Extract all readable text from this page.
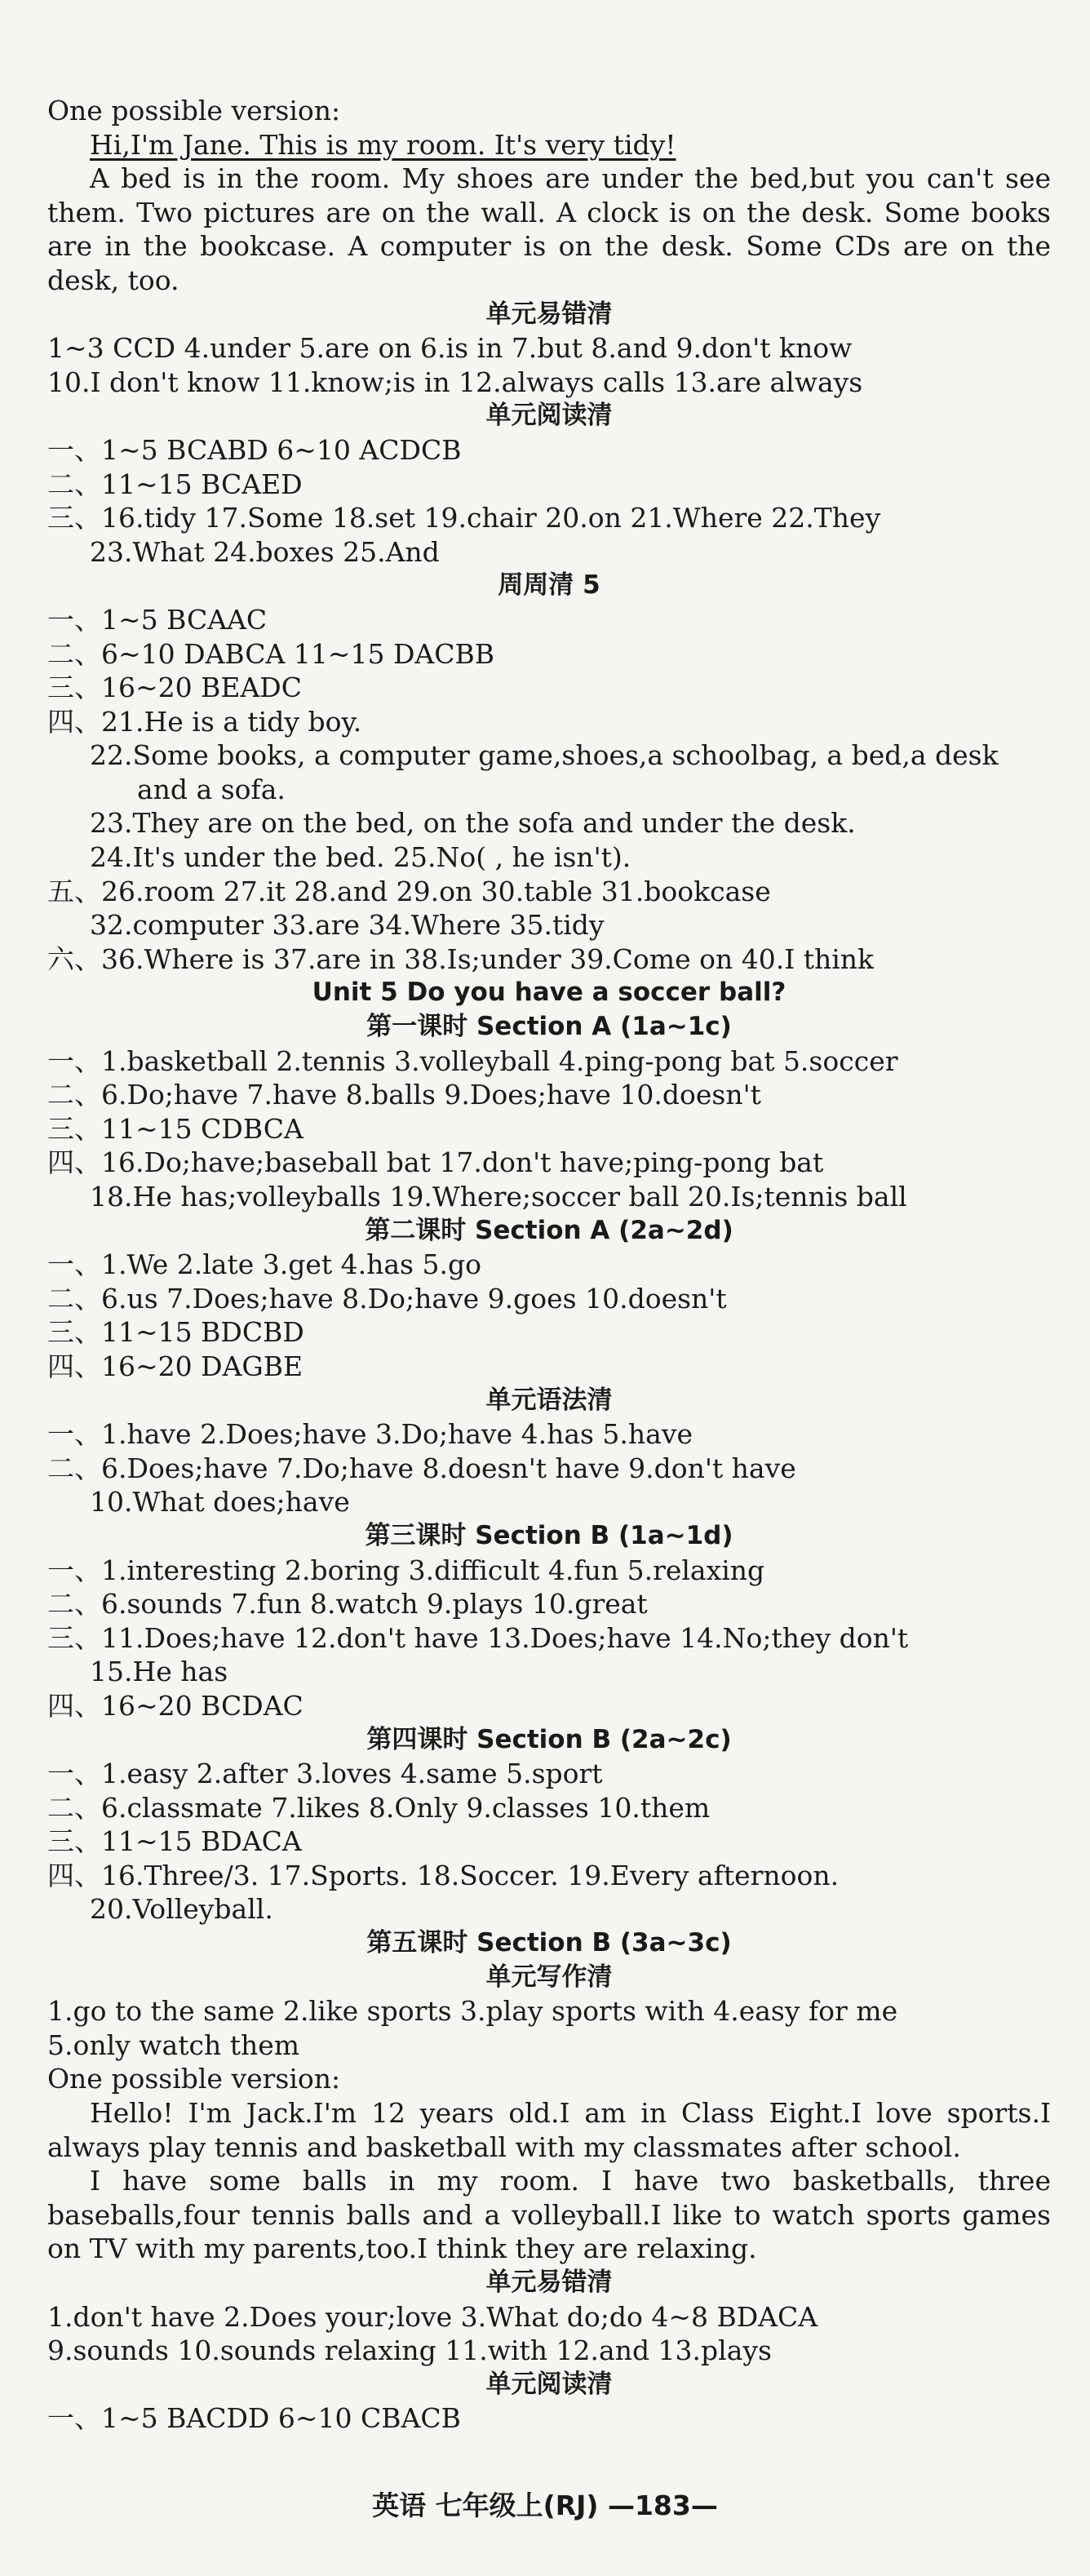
One possible version:
Hi,I'm Jane. This is my room. It's very tidy!
A bed is in the room. My shoes are under the bed,but you can't see
them. Two pictures are on the wall. A clock is on the desk. Some books
are in the bookcase. A computer is on the desk. Some CDs are on the
desk, too.
单元易错清
1~3 CCD 4.under 5.are on 6.is in 7.but 8.and 9.don't know
10.I don't know 11.know;is in 12.always calls 13.are always
单元阅读清
一、1~5 BCABD 6~10 ACDCB
二、11~15 BCAED
三、16.tidy 17.Some 18.set 19.chair 20.on 21.Where 22.They
23.What 24.boxes 25.And
周周清 5
一、1~5 BCAAC
二、6~10 DABCA 11~15 DACBB
三、16~20 BEADC
四、21.He is a tidy boy.
22.Some books, a computer game,shoes,a schoolbag, a bed,a desk
and a sofa.
23.They are on the bed, on the sofa and under the desk.
24.It's under the bed. 25.No( , he isn't).
五、26.room 27.it 28.and 29.on 30.table 31.bookcase
32.computer 33.are 34.Where 35.tidy
六、36.Where is 37.are in 38.Is;under 39.Come on 40.I think
Unit 5 Do you have a soccer ball?
第一课时 Section A (1a~1c)
一、1.basketball 2.tennis 3.volleyball 4.ping-pong bat 5.soccer
二、6.Do;have 7.have 8.balls 9.Does;have 10.doesn't
三、11~15 CDBCA
四、16.Do;have;baseball bat 17.don't have;ping-pong bat
18.He has;volleyballs 19.Where;soccer ball 20.Is;tennis ball
第二课时 Section A (2a~2d)
一、1.We 2.late 3.get 4.has 5.go
二、6.us 7.Does;have 8.Do;have 9.goes 10.doesn't
三、11~15 BDCBD
四、16~20 DAGBE
单元语法清
一、1.have 2.Does;have 3.Do;have 4.has 5.have
二、6.Does;have 7.Do;have 8.doesn't have 9.don't have
10.What does;have
第三课时 Section B (1a~1d)
一、1.interesting 2.boring 3.difficult 4.fun 5.relaxing
二、6.sounds 7.fun 8.watch 9.plays 10.great
三、11.Does;have 12.don't have 13.Does;have 14.No;they don't
15.He has
四、16~20 BCDAC
第四课时 Section B (2a~2c)
一、1.easy 2.after 3.loves 4.same 5.sport
二、6.classmate 7.likes 8.Only 9.classes 10.them
三、11~15 BDACA
四、16.Three/3. 17.Sports. 18.Soccer. 19.Every afternoon.
20.Volleyball.
第五课时 Section B (3a~3c)
单元写作清
1.go to the same 2.like sports 3.play sports with 4.easy for me
5.only watch them
One possible version:
Hello! I'm Jack.I'm 12 years old.I am in Class Eight.I love sports.I
always play tennis and basketball with my classmates after school.
I have some balls in my room. I have two basketballs, three
baseballs,four tennis balls and a volleyball.I like to watch sports games
on TV with my parents,too.I think they are relaxing.
单元易错清
1.don't have 2.Does your;love 3.What do;do 4~8 BDACA
9.sounds 10.sounds relaxing 11.with 12.and 13.plays
单元阅读清
一、1~5 BACDD 6~10 CBACB
英语 七年级上(RJ) —183—
